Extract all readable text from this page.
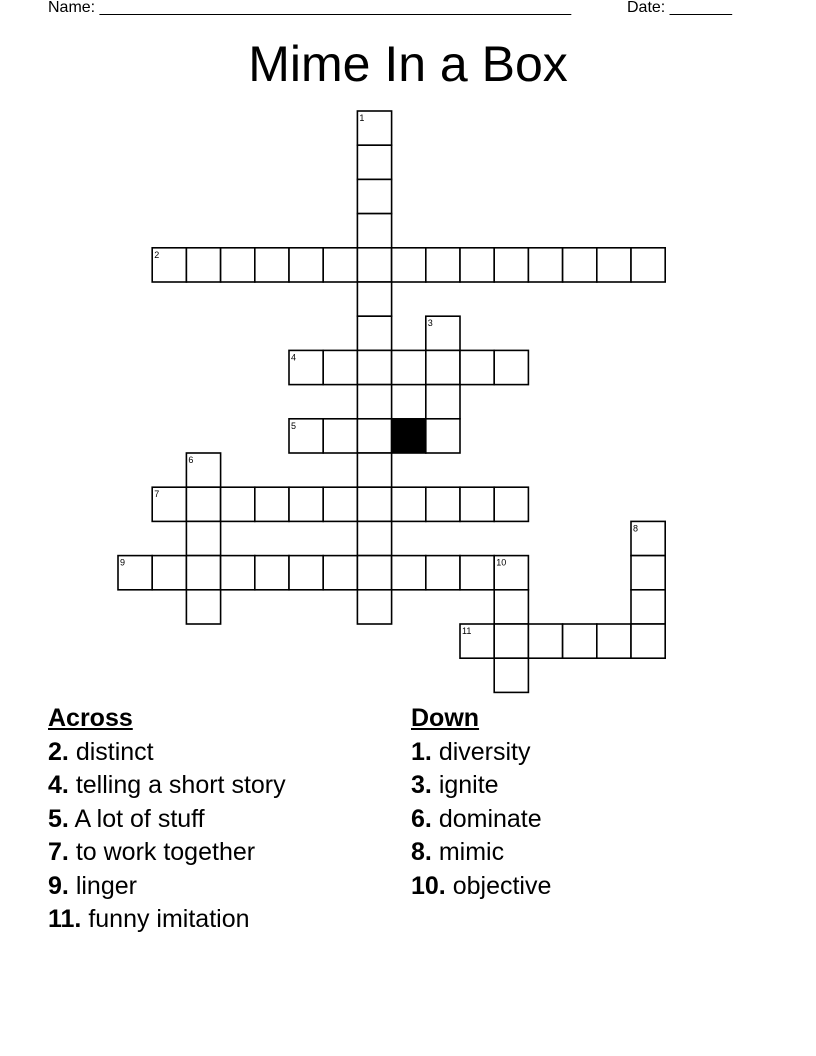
Name: _____________________________________________________	Date: _______
Mime In a Box
1
2
3
4
5
6
7
8
9	10
11
Across
2. distinct
4. telling a short story
5. A lot of stuff
7. to work together
9. linger
11. funny imitation
Down
1. diversity
3. ignite
6. dominate
8. mimic
10. objective
